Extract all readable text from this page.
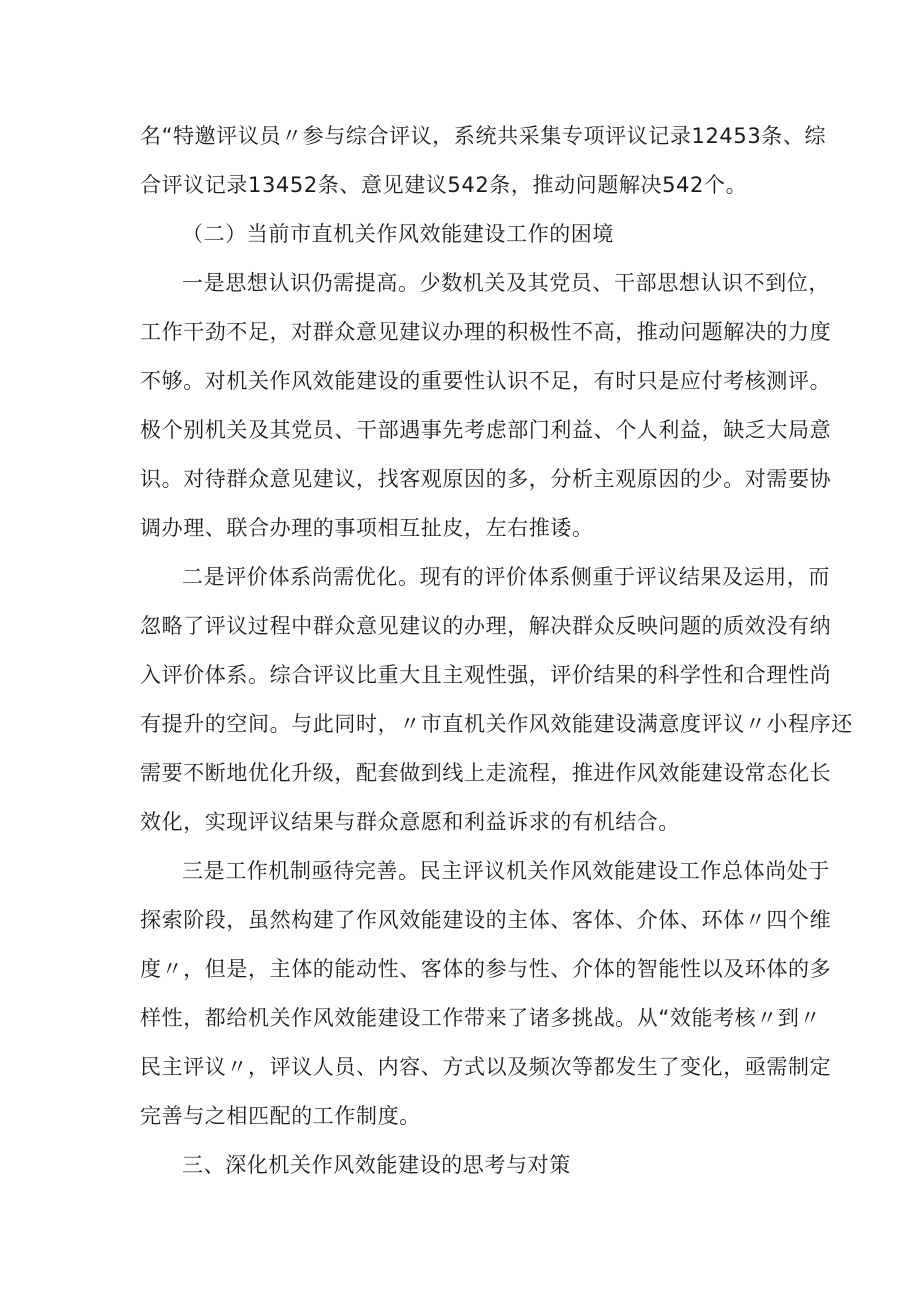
名“特邀评议员〃参与综合评议，系统共采集专项评议记录12453条、综
合评议记录13452条、意见建议542条，推动问题解决542个。
（二）当前市直机关作风效能建设工作的困境
一是思想认识仍需提高。少数机关及其党员、干部思想认识不到位，
工作干劲不足，对群众意见建议办理的积极性不高，推动问题解决的力度
不够。对机关作风效能建设的重要性认识不足，有时只是应付考核测评。
极个别机关及其党员、干部遇事先考虑部门利益、个人利益，缺乏大局意
识。对待群众意见建议，找客观原因的多，分析主观原因的少。对需要协
调办理、联合办理的事项相互扯皮，左右推诿。
二是评价体系尚需优化。现有的评价体系侧重于评议结果及运用，而
忽略了评议过程中群众意见建议的办理，解决群众反映问题的质效没有纳
入评价体系。综合评议比重大且主观性强，评价结果的科学性和合理性尚
有提升的空间。与此同时，〃市直机关作风效能建设满意度评议〃小程序还
需要不断地优化升级，配套做到线上走流程，推进作风效能建设常态化长
效化，实现评议结果与群众意愿和利益诉求的有机结合。
三是工作机制亟待完善。民主评议机关作风效能建设工作总体尚处于
探索阶段，虽然构建了作风效能建设的主体、客体、介体、环体〃四个维
度〃，但是，主体的能动性、客体的参与性、介体的智能性以及环体的多
样性，都给机关作风效能建设工作带来了诸多挑战。从“效能考核〃到〃
民主评议〃，评议人员、内容、方式以及频次等都发生了变化，亟需制定
完善与之相匹配的工作制度。
三、深化机关作风效能建设的思考与对策
